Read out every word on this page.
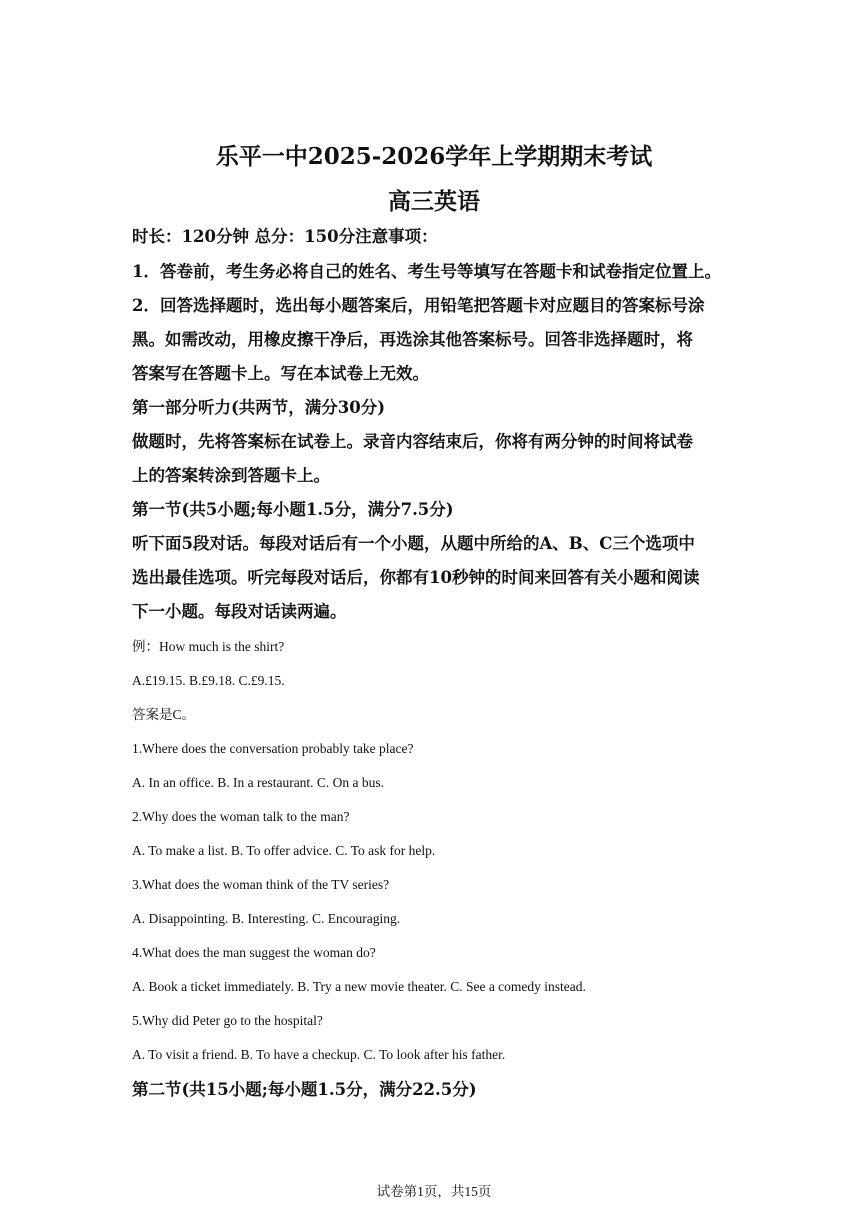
乐平一中2025-2026学年上学期期末考试
高三英语
时长：120分钟 总分：150分注意事项：
1．答卷前，考生务必将自己的姓名、考生号等填写在答题卡和试卷指定位置上。
2．回答选择题时，选出每小题答案后，用铅笔把答题卡对应题目的答案标号涂
黑。如需改动，用橡皮擦干净后，再选涂其他答案标号。回答非选择题时，将
答案写在答题卡上。写在本试卷上无效。
第一部分听力(共两节，满分30分)
做题时，先将答案标在试卷上。录音内容结束后，你将有两分钟的时间将试卷
上的答案转涂到答题卡上。
第一节(共5小题;每小题1.5分，满分7.5分)
听下面5段对话。每段对话后有一个小题，从题中所给的A、B、C三个选项中
选出最佳选项。听完每段对话后，你都有10秒钟的时间来回答有关小题和阅读
下一小题。每段对话读两遍。
例：How much is the shirt?
A.£19.15. B.£9.18. C.£9.15.
答案是C。
1.Where does the conversation probably take place?
A. In an office. B. In a restaurant. C. On a bus.
2.Why does the woman talk to the man?
A. To make a list. B. To offer advice. C. To ask for help.
3.What does the woman think of the TV series?
A. Disappointing. B. Interesting. C. Encouraging.
4.What does the man suggest the woman do?
A. Book a ticket immediately. B. Try a new movie theater. C. See a comedy instead.
5.Why did Peter go to the hospital?
A. To visit a friend. B. To have a checkup. C. To look after his father.
第二节(共15小题;每小题1.5分，满分22.5分)
试卷第1页，共15页
